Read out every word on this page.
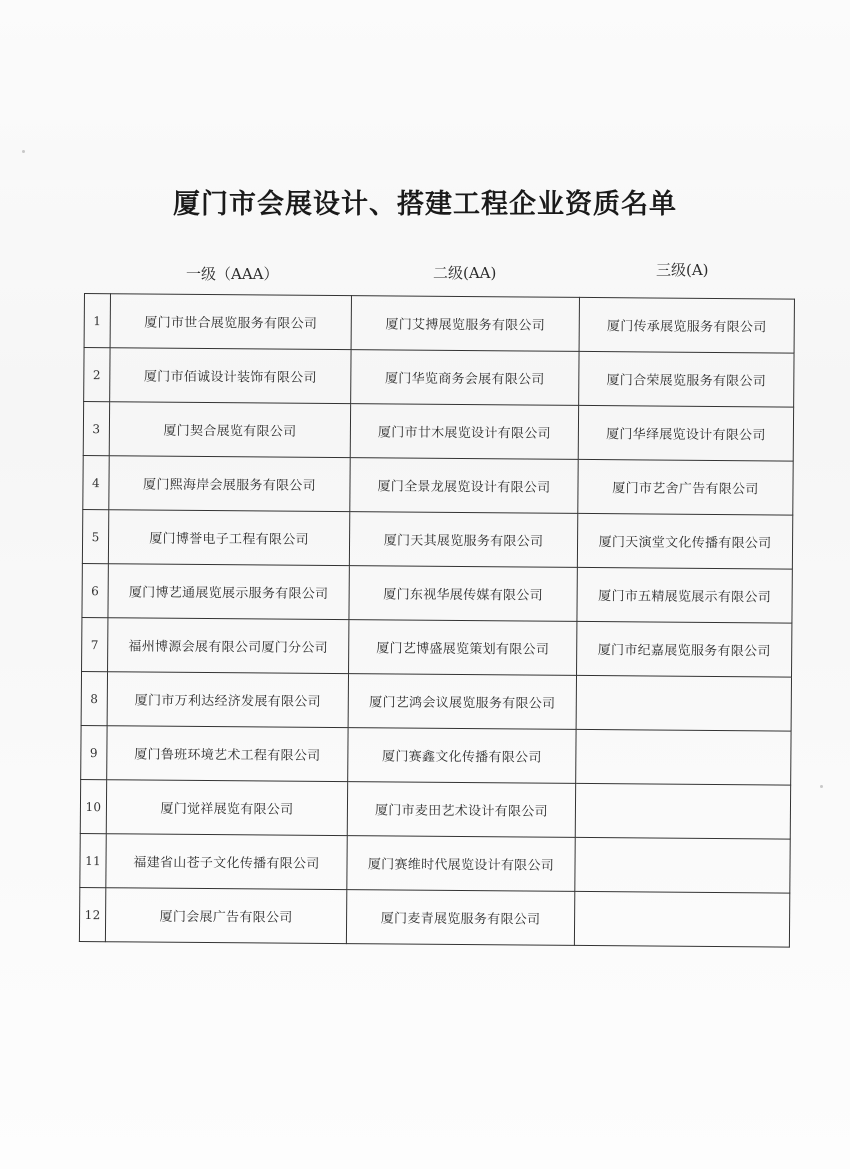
厦门市会展设计、搭建工程企业资质名单
一级（AAA）	二级(AA)	三级(A)
1	厦门市世合展览服务有限公司	厦门艾搏展览服务有限公司	厦门传承展览服务有限公司
2	厦门市佰诚设计装饰有限公司	厦门华览商务会展有限公司	厦门合荣展览服务有限公司
3	厦门契合展览有限公司	厦门市廿木展览设计有限公司	厦门华绎展览设计有限公司
4	厦门熙海岸会展服务有限公司	厦门全景龙展览设计有限公司	厦门市艺舍广告有限公司
5	厦门博誉电子工程有限公司	厦门天其展览服务有限公司	厦门天演堂文化传播有限公司
6	厦门博艺通展览展示服务有限公司	厦门东视华展传媒有限公司	厦门市五精展览展示有限公司
7	福州博源会展有限公司厦门分公司	厦门艺博盛展览策划有限公司	厦门市纪嘉展览服务有限公司
8	厦门市万利达经济发展有限公司	厦门艺鸿会议展览服务有限公司	
9	厦门鲁班环境艺术工程有限公司	厦门赛鑫文化传播有限公司	
10	厦门觉祥展览有限公司	厦门市麦田艺术设计有限公司	
11	福建省山苍子文化传播有限公司	厦门赛维时代展览设计有限公司	
12	厦门会展广告有限公司	厦门麦青展览服务有限公司	
